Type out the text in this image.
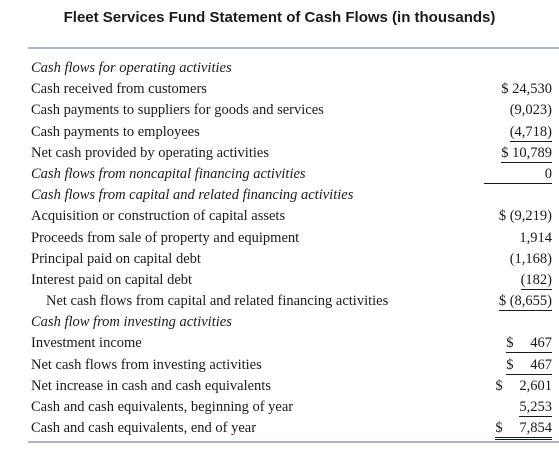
Fleet Services Fund Statement of Cash Flows (in thousands)
Cash flows for operating activities
Cash received from customers	$ 24,530
Cash payments to suppliers for goods and services	(9,023)
Cash payments to employees	(4,718)
Net cash provided by operating activities	$ 10,789
Cash flows from noncapital financing activities	0
Cash flows from capital and related financing activities
Acquisition or construction of capital assets	$ (9,219)
Proceeds from sale of property and equipment	1,914
Principal paid on capital debt	(1,168)
Interest paid on capital debt	(182)
Net cash flows from capital and related financing activities	$ (8,655)
Cash flow from investing activities
Investment income	$ 467
Net cash flows from investing activities	$ 467
Net increase in cash and cash equivalents	$ 2,601
Cash and cash equivalents, beginning of year	5,253
Cash and cash equivalents, end of year	$ 7,854
